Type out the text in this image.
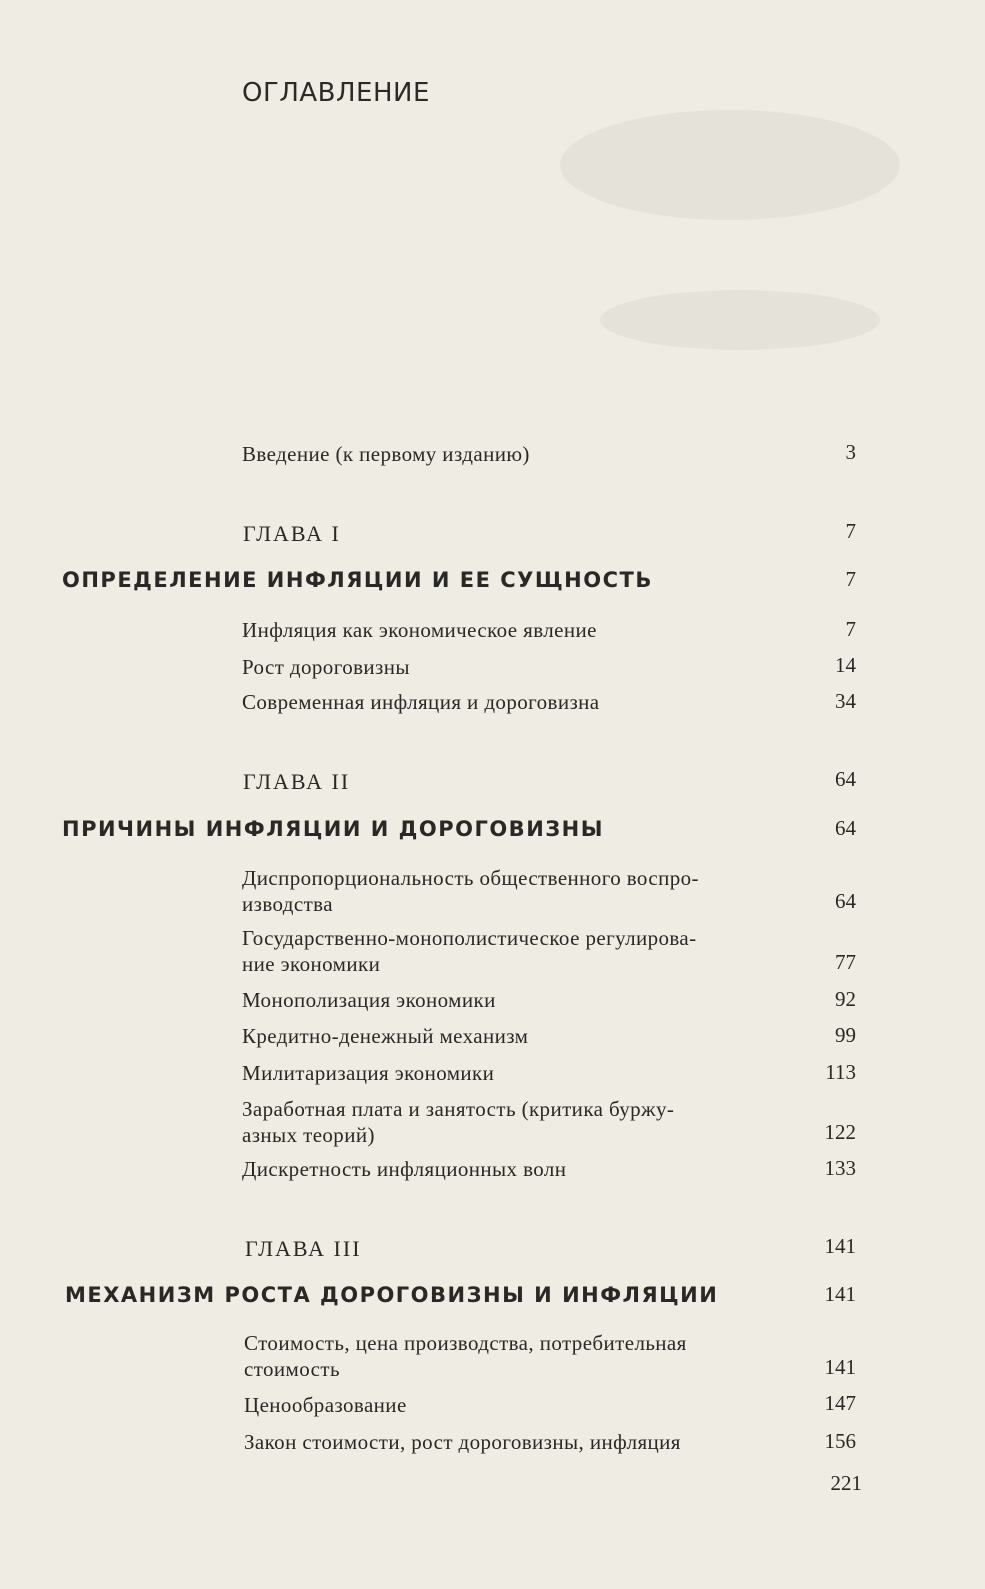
ОГЛАВЛЕНИЕ
Введение (к первому изданию)	3
ГЛАВА I	7
ОПРЕДЕЛЕНИЕ ИНФЛЯЦИИ И ЕЕ СУЩНОСТЬ	7
Инфляция как экономическое явление	7
Рост дороговизны	14
Современная инфляция и дороговизна	34
ГЛАВА II	64
ПРИЧИНЫ ИНФЛЯЦИИ И ДОРОГОВИЗНЫ	64
Диспропорциональность общественного воспро-
изводства	64
Государственно-монополистическое регулирова-
ние экономики	77
Монополизация экономики	92
Кредитно-денежный механизм	99
Милитаризация экономики	113
Заработная плата и занятость (критика буржу-
азных теорий)	122
Дискретность инфляционных волн	133
ГЛАВА III	141
МЕХАНИЗМ РОСТА ДОРОГОВИЗНЫ И ИНФЛЯЦИИ	141
Стоимость, цена производства, потребительная
стоимость	141
Ценообразование	147
Закон стоимости, рост дороговизны, инфляция	156
221
